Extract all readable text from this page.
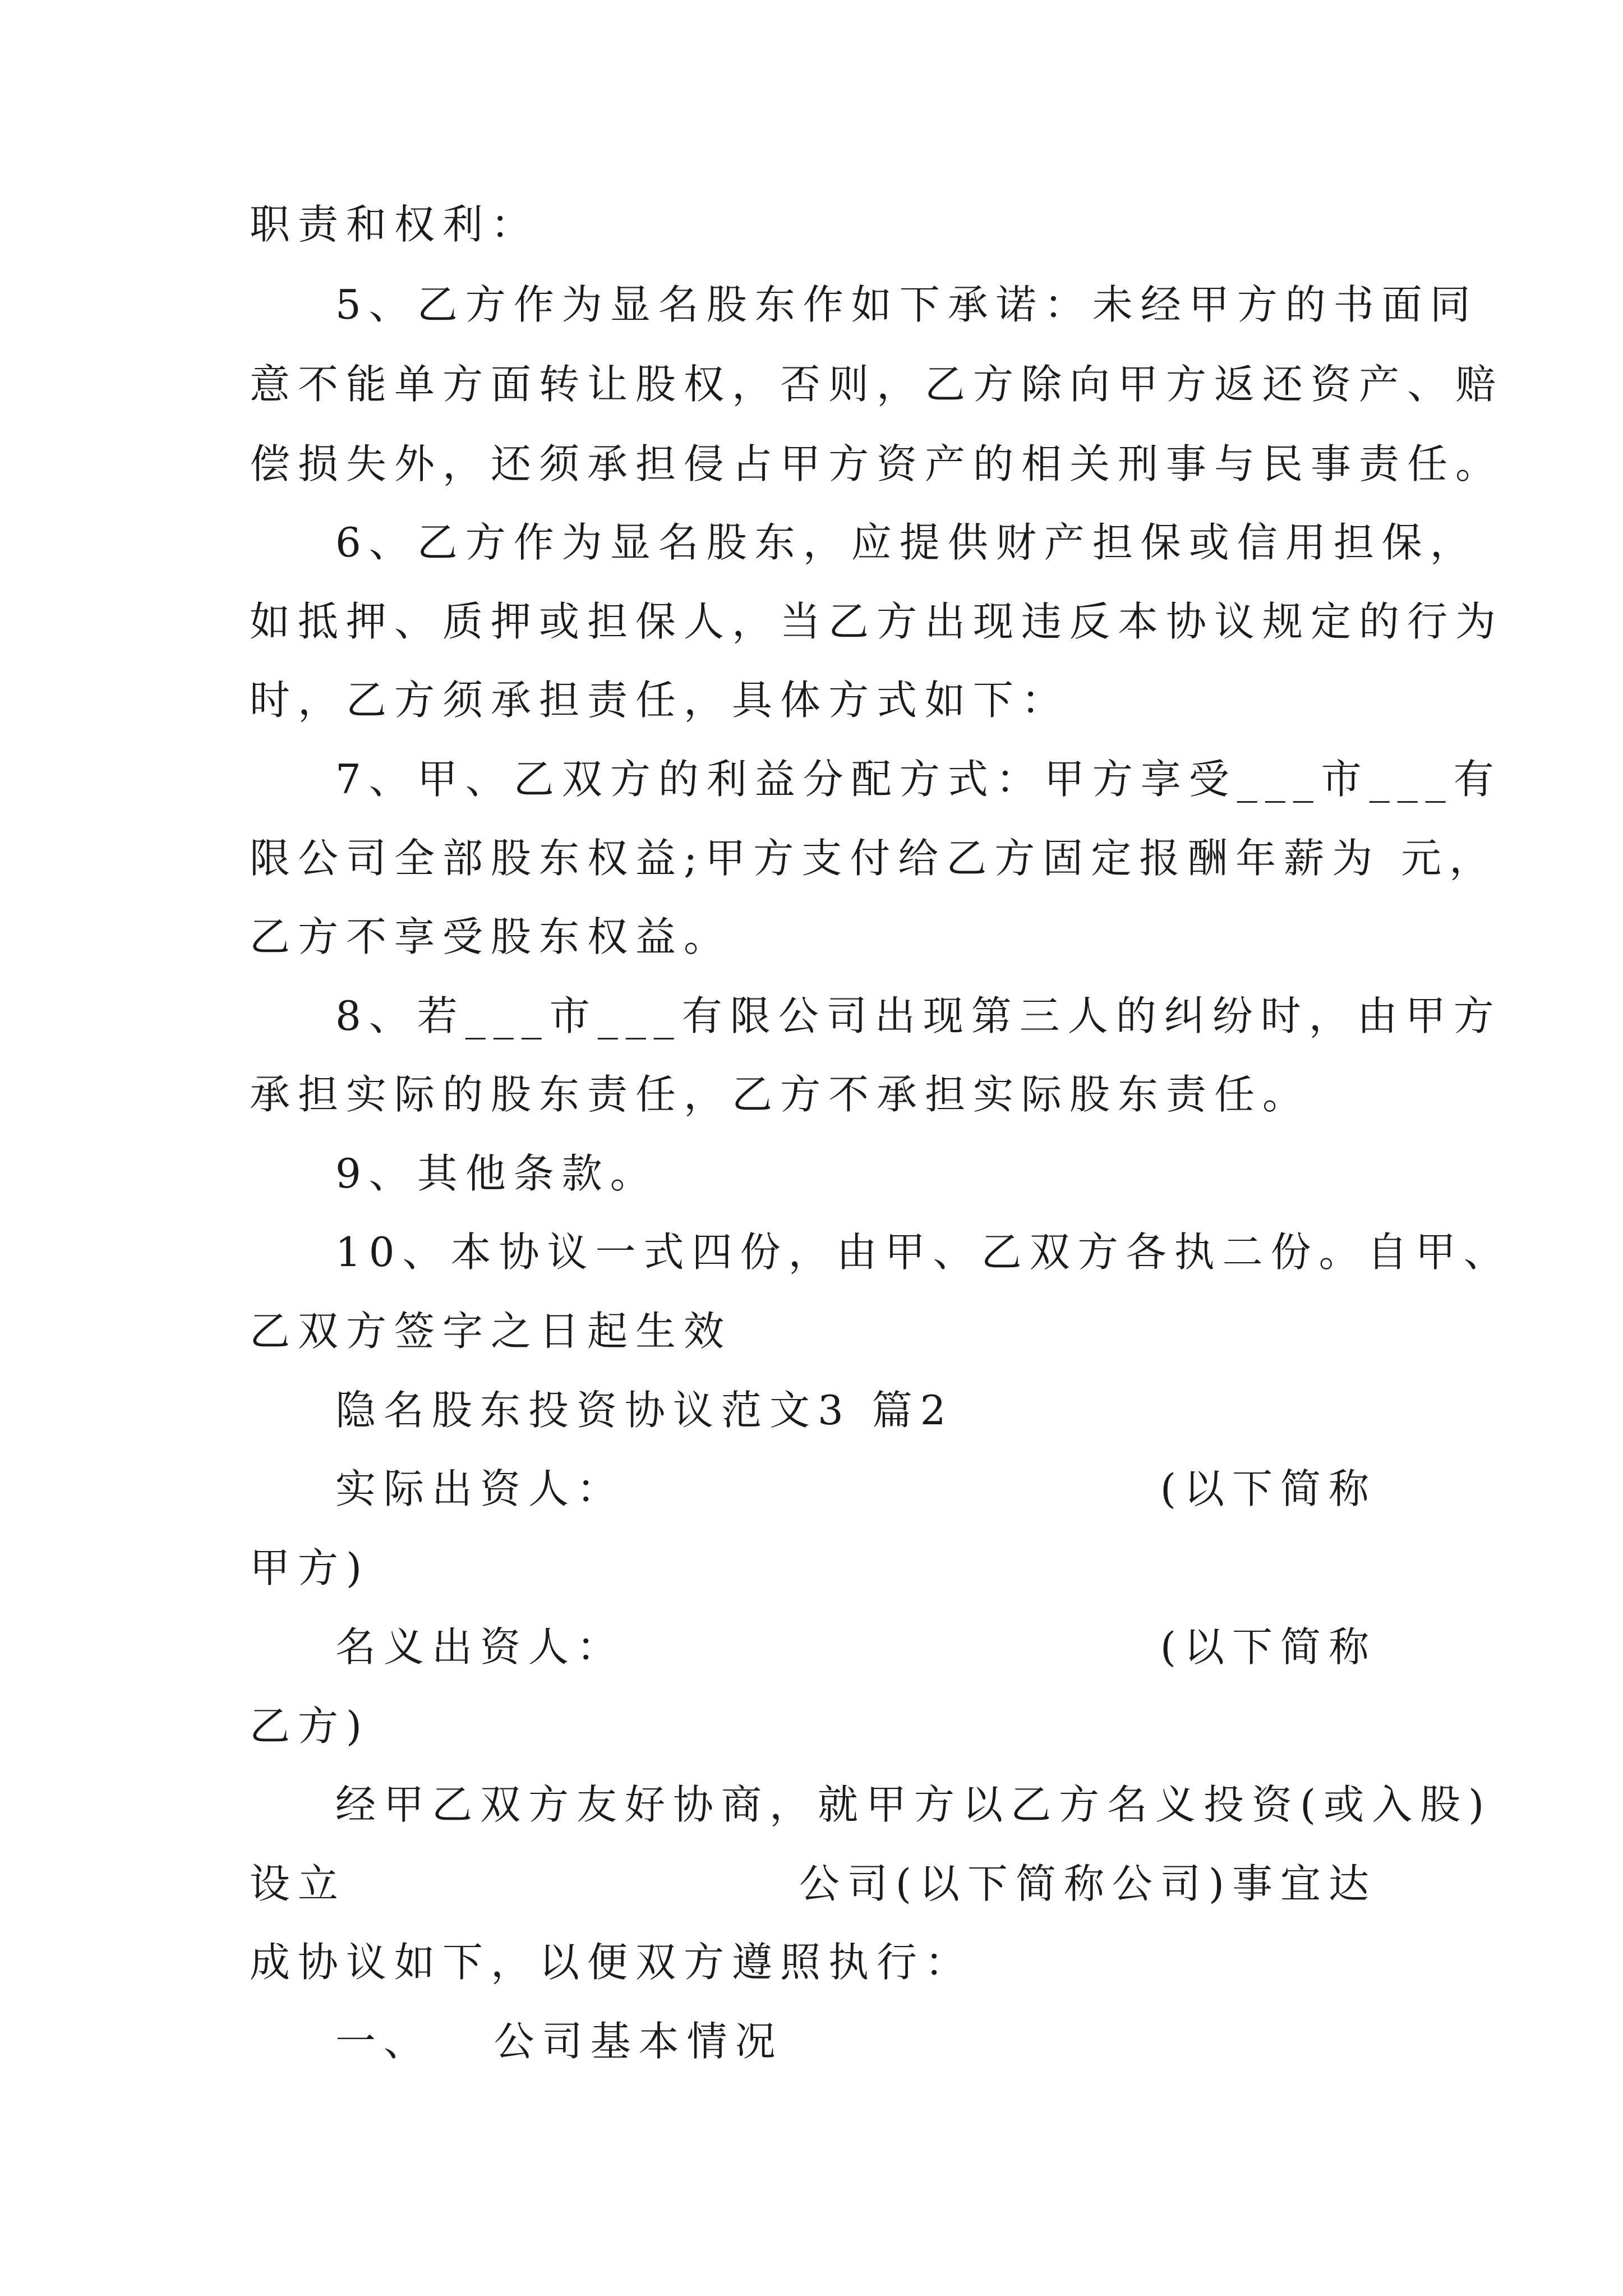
职责和权利：
5、乙方作为显名股东作如下承诺：未经甲方的书面同
意不能单方面转让股权，否则，乙方除向甲方返还资产、赔
偿损失外，还须承担侵占甲方资产的相关刑事与民事责任。
6、乙方作为显名股东，应提供财产担保或信用担保，
如抵押、质押或担保人，当乙方出现违反本协议规定的行为
时，乙方须承担责任，具体方式如下：
7、甲、乙双方的利益分配方式：甲方享受___市___有
限公司全部股东权益;甲方支付给乙方固定报酬年薪为 元，
乙方不享受股东权益。
8、若___市___有限公司出现第三人的纠纷时，由甲方
承担实际的股东责任，乙方不承担实际股东责任。
9、其他条款。
10、本协议一式四份，由甲、乙双方各执二份。自甲、
乙双方签字之日起生效
隐名股东投资协议范文3 篇2
实际出资人：	(以下简称
甲方)
名义出资人：	(以下简称
乙方)
经甲乙双方友好协商，就甲方以乙方名义投资(或入股)
设立	公司(以下简称公司)事宜达
成协议如下，以便双方遵照执行：
一、   公司基本情况
